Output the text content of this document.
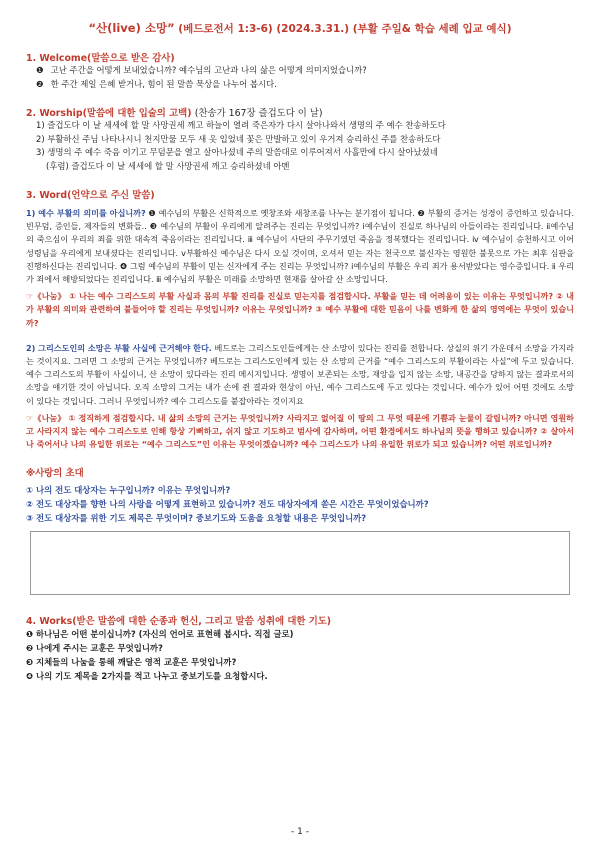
“산(live) 소망” (베드로전서 1:3-6) (2024.3.31.) (부활 주일& 학습 세례 입교 예식)
1. Welcome(말씀으로 받은 감사)
❶ 고난 주간을 어떻게 보내었습니까? 예수님의 고난과 나의 삶은 어떻게 의미지었습니까?
❷ 한 주간 제일 은혜 받거나, 힘이 된 말씀 묵상을 나누어 봅시다.
2. Worship(말씀에 대한 입술의 고백) (찬송가 167장 즐겁도다 이 날)
1) 즐겁도다 이 날 세세에 할 말 사망권세 깨고 하늘이 열려 죽은자가 다시 살아나와서 생명의 주 예수 찬송하도다
2) 부활하신 주님 나타나시니 천지만물 모두 새 옷 입었네 꽃은 만발하고 있이 우거져 승리하신 주를 찬송하도다
3) 생명의 주 예수 죽음 이기고 무덤문을 열고 살아나셨네 주의 말씀대로 이루어져서 사흘만에 다시 살아났셨네
(후렴) 즐겁도다 이 날 세세에 할 말 사망권세 깨고 승리하셨네 아멘
3. Word(언약으로 주신 말씀)
1) 예수 부활의 의미를 아십니까? ❶ 예수님의 부활은 신학적으로 옛창조와 새창조를 나누는 분기점이 됩니다. ❷ 부활의 증거는 성경이 증언하고 있습니다. 빈무덤, 증인들, 제자들의 변화들.. ❸ 예수님의 부활이 우리에게 알려주는 진리는 무엇입니까? ⅰ예수님이 진실로 하나님의 아들이라는 진리입니다. ⅱ예수님의 죽으심이 우리의 죄를 위한 대속적 죽음이라는 진리입니다. ⅲ 예수님이 사단의 주무기였던 죽음을 정복했다는 진리입니다. ⅳ 예수님이 승천하시고 이어 성령님을 우리에게 보내셨다는 진리입니다. ⅴ부활하신 예수님은 다시 오실 것이며, 오셔서 믿는 자는 천국으로 불신자는 영원한 불못으로 가는 최후 심판을 진행하신다는 진리입니다. ❹ 그럼 예수님의 부활이 믿는 신자에게 주는 진리는 무엇입니까? ⅰ예수님의 부활은 우리 죄가 용서받았다는 영수증입니다. ⅱ 우리가 죄에서 해방되었다는 진리입니다. ⅲ 예수님의 부활은 미래를 소망하면 현재를 살아갈 산 소망입니다.
☞《나눔》 ① 나는 예수 그리스도의 부활 사실과 몸의 부활 진리를 진실로 믿는지를 점검합시다. 부활을 믿는 데 어려움이 있는 이유는 무엇입니까? ② 내가 부활의 의미와 관련하여 붙들어야 할 진리는 무엇입니까? 이유는 무엇입니까? ③ 예수 부활에 대한 믿음이 나를 변화케 한 삶의 영역에는 무엇이 있습니까?
2) 그리스도인의 소망은 부활 사실에 근거해야 한다. 베드로는 그리스도인들에게는 산 소망이 있다는 진리를 전합니다. 상실의 위기 가운데서 소망을 가지라는 것이지요. 그러면 그 소망의 근거는 무엇입니까? 베드로는 그리스도인에게 있는 산 소망의 근거를 “예수 그리스도의 부활이라는 사실”에 두고 있습니다. 예수 그리스도의 부활이 사실이니, 산 소망이 있다라는 진리 메시지입니다. 생명이 보존되는 소망, 재앙을 입지 않는 소망, 내공간을 당하지 않는 결과로서의 소망을 얘기한 것이 아닙니다. 오직 소망의 그거는 내가 손에 쥔 결과와 현상이 아닌, 예수 그리스도에 두고 있다는 것입니다. 예수가 있어 어떤 것에도 소망이 있다는 것입니다. 그러니 무엇입니까? 예수 그리스도를 붙잡아라는 것이지요
☞《나눔》 ① 정직하게 점검합시다. 내 삶의 소망의 근거는 무엇입니까? 사라지고 없어질 이 땅의 그 무엇 때문에 기쁨과 눈물이 갈립니까? 아니면 영원하고 사라지지 않는 예수 그리스도로 인해 항상 기뻐하고, 쉬지 않고 기도하고 범사에 감사하며, 어떤 환경에서도 하나님의 뜻을 행하고 있습니까? ② 살아서나 죽어서나 나의 유일한 위로는 “예수 그리스도”인 이유는 무엇이겠습니까? 예수 그리스도가 나의 유일한 위로가 되고 있습니까? 어떤 위로입니까?
※사랑의 초대
① 나의 전도 대상자는 누구입니까? 이유는 무엇입니까?
② 전도 대상자를 향한 나의 사랑을 어떻게 표현하고 있습니까? 전도 대상자에게 쏟은 시간은 무엇이었습니까?
③ 전도 대상자를 위한 기도 제목은 무엇이며? 중보기도와 도움을 요청할 내용은 무엇입니까?
4. Works(받은 말씀에 대한 순종과 헌신, 그리고 말씀 성취에 대한 기도)
❶ 하나님은 어떤 분이십니까? (자신의 언어로 표현해 봅시다. 직접 글로)
❷ 나에게 주시는 교훈은 무엇입니까?
❸ 지체들의 나눔을 통해 깨달은 영적 교훈은 무엇입니까?
❹ 나의 기도 제목을 2가지를 적고 나누고 중보기도를 요청합시다.
- 1 -
